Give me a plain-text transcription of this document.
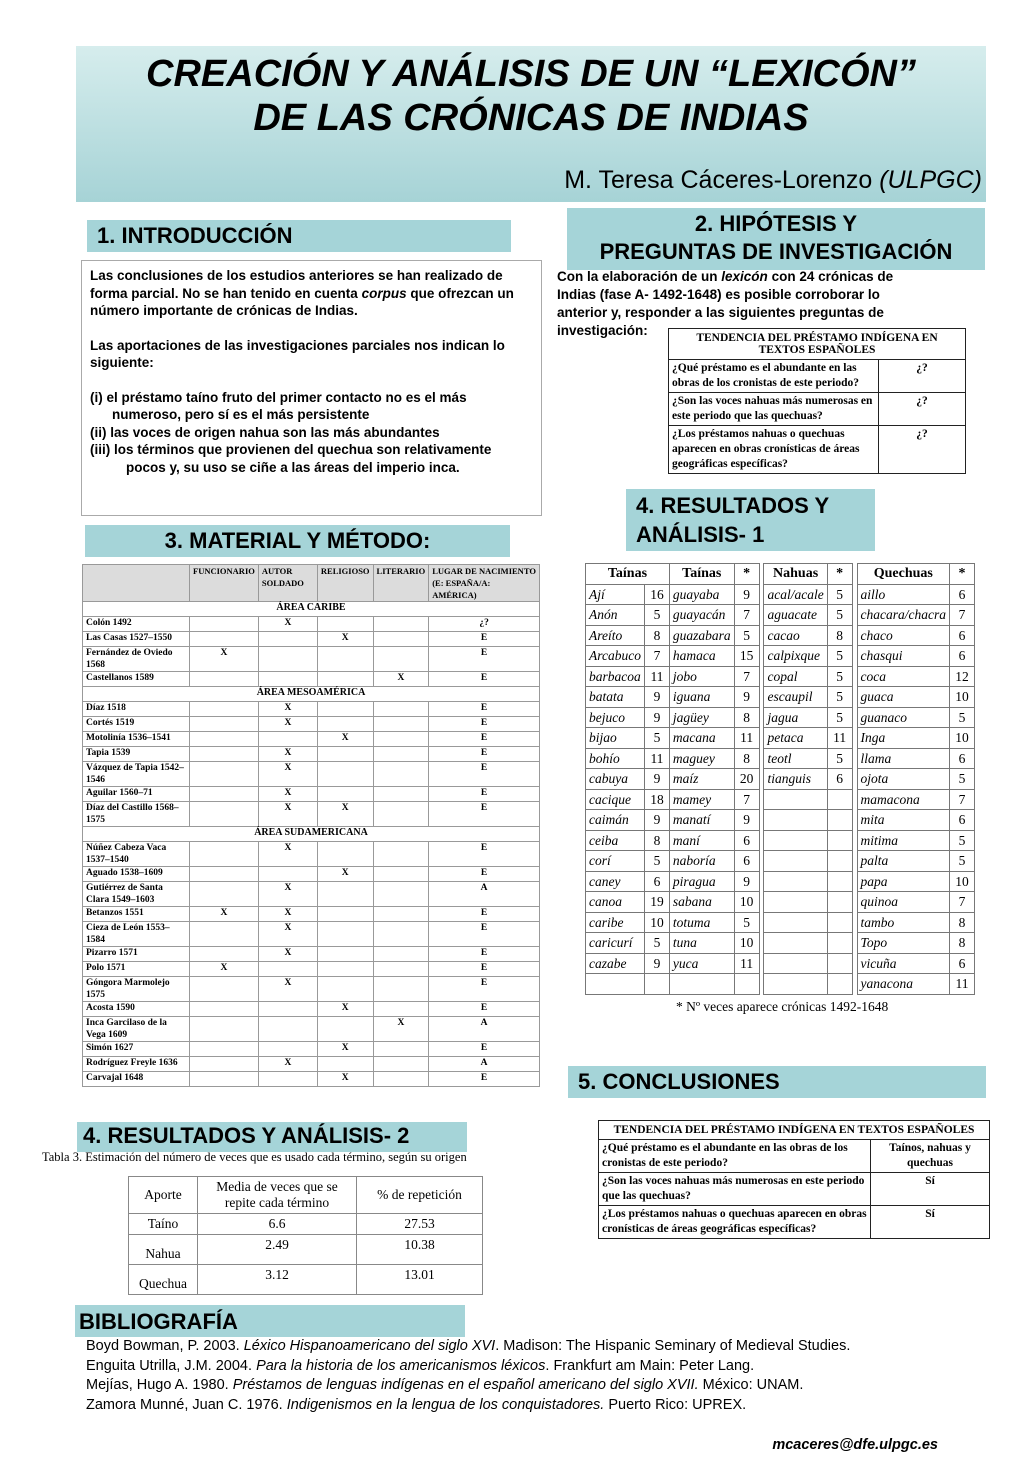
CREACIÓN Y ANÁLISIS DE UN “LEXICÓN”
DE LAS CRÓNICAS DE INDIAS
M. Teresa Cáceres-Lorenzo (ULPGC)
1. INTRODUCCIÓN

Las conclusiones de los estudios anteriores se han realizado de forma parcial. No se han tenido en cuenta corpus que ofrezcan un número importante de crónicas de Indias.

Las aportaciones de las investigaciones parciales nos indican lo siguiente:

(i) el préstamo taíno fruto del primer contacto no es el más numeroso, pero sí es el más persistente

(ii) las voces de origen nahua son las más abundantes

(iii) los términos que provienen del quechua son relativamente pocos y, su uso se ciñe a las áreas del imperio inca.

2. HIPÓTESIS Y
PREGUNTAS DE INVESTIGACIÓN
Con la elaboración de un lexicón con 24 crónicas de Indias (fase A- 1492-1648) es posible corroborar lo anterior y, responder a las siguientes preguntas de investigación:	TENDENCIA DEL PRÉSTAMO INDÍGENA EN TEXTOS ESPAÑOLES	
¿Qué préstamo es el abundante en las obras de los cronistas de este periodo?	¿?
¿Son las voces nahuas más numerosas en este periodo que las quechuas?	¿?
¿Los préstamos nahuas o quechuas aparecen en obras cronísticas de áreas geográficas específicas?	¿?
3. MATERIAL Y MÉTODO:
	FUNCIONARIO	AUTOR SOLDADO	RELIGIOSO	LITERARIO	LUGAR DE NACIMIENTO (E: ESPAÑA/A: AMÉRICA)
ÁREA CARIBE					
Colón 1492		X			¿?
Las Casas 1527–1550			X		E
Fernández de Oviedo 1568	X				E
Castellanos 1589				X	E
ÁREA MESOAMÉRICA					
Díaz 1518		X			E
Cortés 1519		X			E
Motolinía 1536–1541			X		E
Tapia 1539		X			E
Vázquez de Tapia 1542–1546		X			E
Aguilar 1560–71		X			E
Díaz del Castillo 1568–1575		X	X		E
ÁREA SUDAMERICANA					
Núñez Cabeza Vaca 1537–1540		X			E
Aguado 1538–1609			X		E
Gutiérrez de Santa Clara 1549–1603		X			A
Betanzos 1551	X	X			E
Cieza de León 1553–1584		X			E
Pizarro 1571		X			E
Polo 1571	X				E
Góngora Marmolejo 1575		X			E
Acosta 1590			X		E
Inca Garcilaso de la Vega 1609				X	A
Simón 1627			X		E
Rodríguez Freyle 1636		X			A
Carvajal 1648			X		E
4. RESULTADOS Y
ANÁLISIS- 1
Taínas		Taínas	*		Nahuas	*		Quechuas	*
Ají	16	guayaba	9		acal/acale	5		aillo	6
Anón	5	guayacán	7		aguacate	5		chacara/chacra	7
Areíto	8	guazabara	5		cacao	8		chaco	6
Arcabuco	7	hamaca	15		calpixque	5		chasqui	6
barbacoa	11	jobo	7		copal	5		coca	12
batata	9	iguana	9		escaupil	5		guaca	10
bejuco	9	jagüey	8		jagua	5		guanaco	5
bijao	5	macana	11		petaca	11		Inga	10
bohío	11	maguey	8		teotl	5		llama	6
cabuya	9	maíz	20		tianguis	6		ojota	5
cacique	18	mamey	7					mamacona	7
caimán	9	manatí	9					mita	6
ceiba	8	maní	6					mitima	5
corí	5	naboría	6					palta	5
caney	6	piragua	9					papa	10
canoa	19	sabana	10					quinoa	7
caribe	10	totuma	5					tambo	8
caricurí	5	tuna	10					Topo	8
cazabe	9	yuca	11					vicuña	6
								yanacona	11
* Nº veces aparece crónicas 1492-1648
4. RESULTADOS Y ANÁLISIS- 2
Tabla 3. Estimación del número de veces que es usado cada término, según su origen
Aporte	Media de veces que se repite cada término	% de repetición
Taíno	6.6	27.53
Nahua	2.49	10.38
Quechua	3.12	13.01
5. CONCLUSIONES
TENDENCIA DEL PRÉSTAMO INDÍGENA EN TEXTOS ESPAÑOLES	
¿Qué préstamo es el abundante en las obras de los cronistas de este periodo?	Taínos, nahuas y quechuas
¿Son las voces nahuas más numerosas en este periodo que las quechuas?	Sí
¿Los préstamos nahuas o quechuas aparecen en obras cronísticas de áreas geográficas específicas?	Sí
BIBLIOGRAFÍA

Boyd Bowman, P. 2003. Léxico Hispanoamericano del siglo XVI. Madison: The Hispanic Seminary of Medieval Studies.

Enguita Utrilla, J.M. 2004. Para la historia de los americanismos léxicos. Frankfurt am Main: Peter Lang.

Mejías, Hugo A. 1980. Préstamos de lenguas indígenas en el español americano del siglo XVII. México: UNAM.

Zamora Munné, Juan C. 1976. Indigenismos en la lengua de los conquistadores. Puerto Rico: UPREX.

mcaceres@dfe.ulpgc.es
